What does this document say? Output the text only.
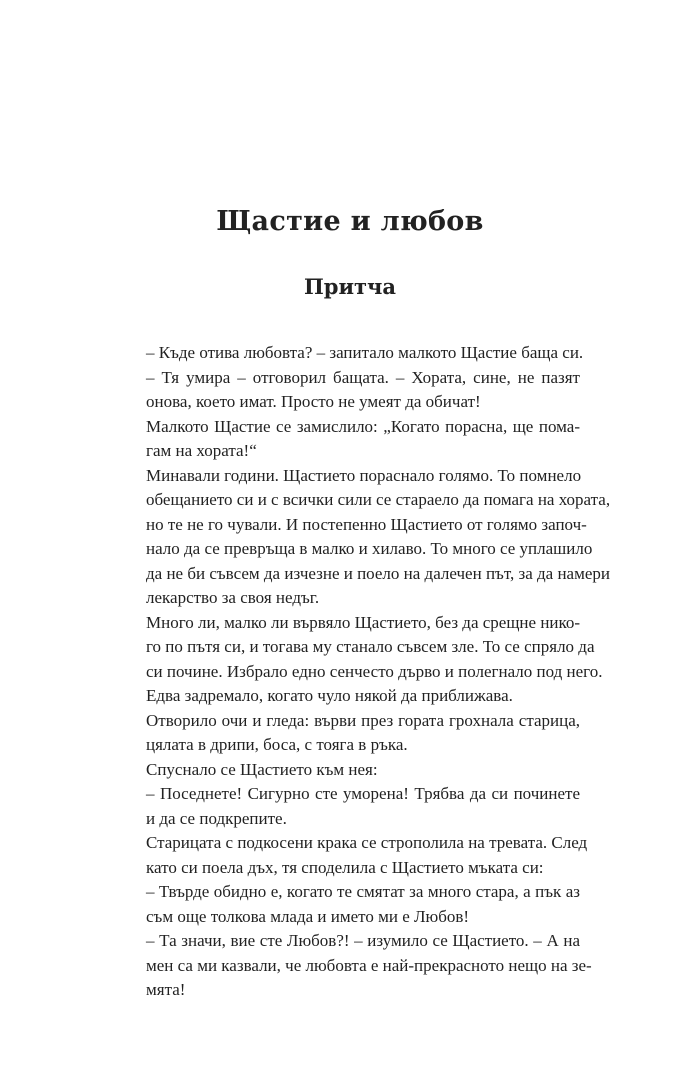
Щастие и любов
Притча

– Къде отива любовта? – запитало малкото Щастие баща си.

– Тя умира – отговорил бащата. – Хората, сине, не пазят
онова, което имат. Просто не умеят да обичат!

Малкото Щастие се замислило: „Когато порасна, ще пома-
гам на хората!“

Минавали години. Щастието пораснало голямо. То помнело
обещанието си и с всички сили се стараело да помага на хората,
но те не го чували. И постепенно Щастието от голямо започ-
нало да се превръща в малко и хилаво. То много се уплашило
да не би съвсем да изчезне и поело на далечен път, за да намери
лекарство за своя недъг.

Много ли, малко ли вървяло Щастието, без да срещне нико-
го по пътя си, и тогава му станало съвсем зле. То се спряло да
си почине. Избрало едно сенчесто дърво и полегнало под него.
Едва задремало, когато чуло някой да приближава.

Отворило очи и гледа: върви през гората грохнала старица,
цялата в дрипи, боса, с тояга в ръка.

Спуснало се Щастието към нея:

– Поседнете! Сигурно сте уморена! Трябва да си починете
и да се подкрепите.

Старицата с подкосени крака се строполила на тревата. След
като си поела дъх, тя споделила с Щастието мъката си:

– Твърде обидно е, когато те смятат за много стара, а пък аз
съм още толкова млада и името ми е Любов!

– Та значи, вие сте Любов?! – изумило се Щастието. – А на
мен са ми казвали, че любовта е най-прекрасното нещо на зе-
мята!
